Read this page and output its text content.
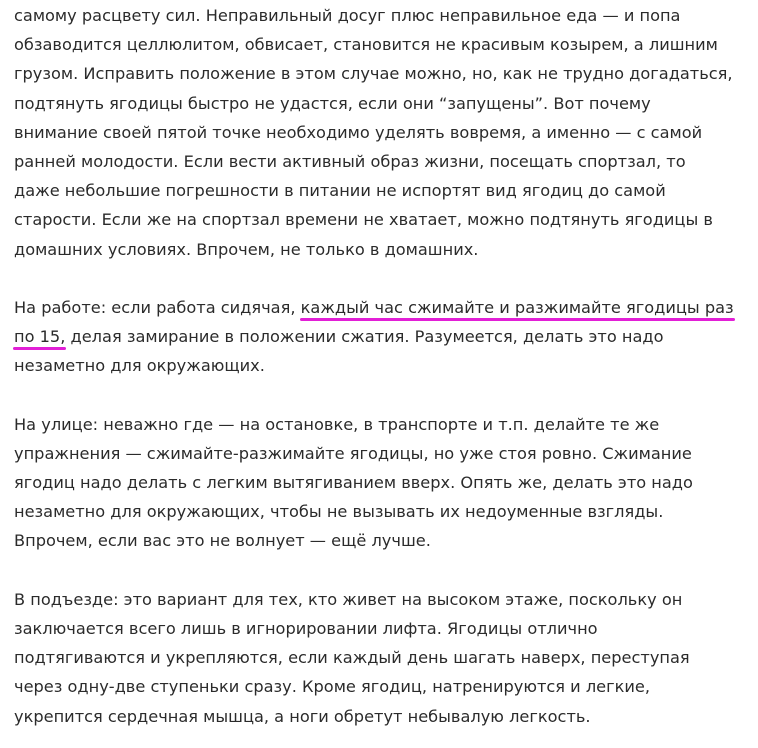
самому расцвету сил. Неправильный досуг плюс неправильное еда — и попа
обзаводится целлюлитом, обвисает, становится не красивым козырем, а лишним
грузом. Исправить положение в этом случае можно, но, как не трудно догадаться,
подтянуть ягодицы быстро не удастся, если они “запущены”. Вот почему
внимание своей пятой точке необходимо уделять вовремя, а именно — с самой
ранней молодости. Если вести активный образ жизни, посещать спортзал, то
даже небольшие погрешности в питании не испортят вид ягодиц до самой
старости. Если же на спортзал времени не хватает, можно подтянуть ягодицы в
домашних условиях. Впрочем, не только в домашних.
На работе: если работа сидячая, каждый час сжимайте и разжимайте ягодицы раз
по 15, делая замирание в положении сжатия. Разумеется, делать это надо
незаметно для окружающих.
На улице: неважно где — на остановке, в транспорте и т.п. делайте те же
упражнения — сжимайте-разжимайте ягодицы, но уже стоя ровно. Сжимание
ягодиц надо делать с легким вытягиванием вверх. Опять же, делать это надо
незаметно для окружающих, чтобы не вызывать их недоуменные взгляды.
Впрочем, если вас это не волнует — ещё лучше.
В подъезде: это вариант для тех, кто живет на высоком этаже, поскольку он
заключается всего лишь в игнорировании лифта. Ягодицы отлично
подтягиваются и укрепляются, если каждый день шагать наверх, переступая
через одну-две ступеньки сразу. Кроме ягодиц, натренируются и легкие,
укрепится сердечная мышца, а ноги обретут небывалую легкость.
